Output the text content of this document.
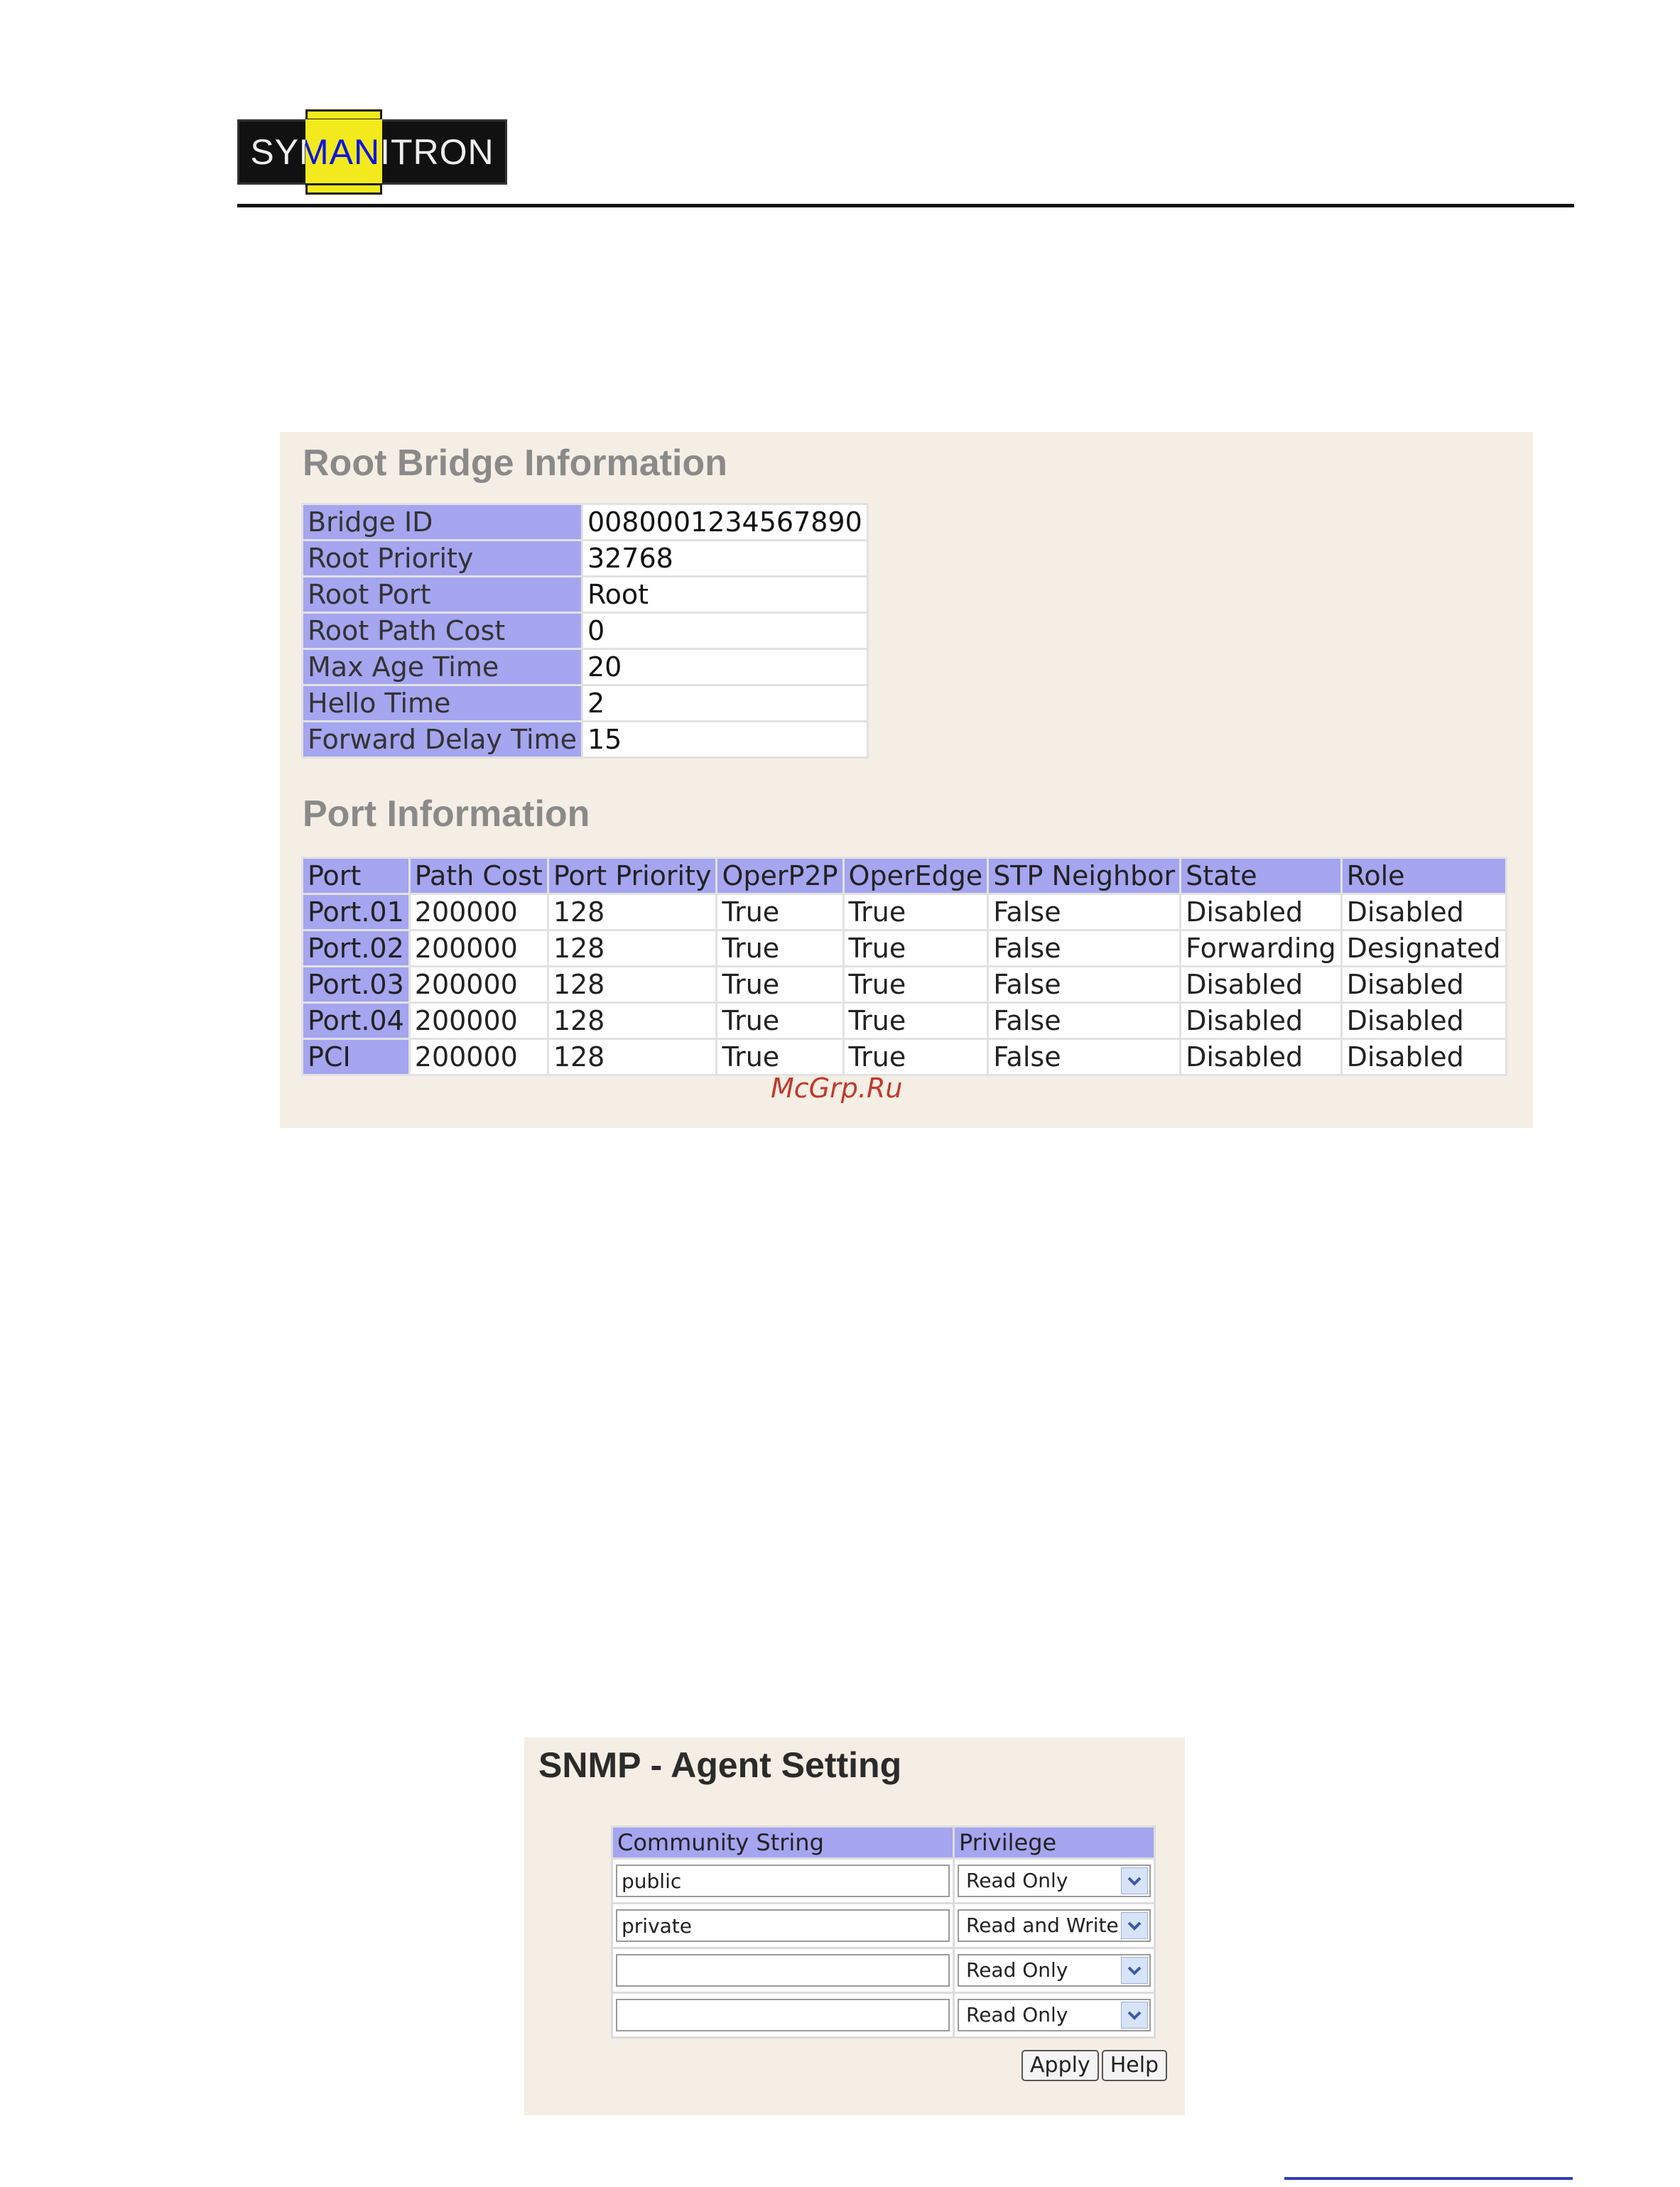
SYMANITRON
Root Bridge Information
Bridge ID	0080001234567890
Root Priority	32768
Root Port	Root
Root Path Cost	0
Max Age Time	20
Hello Time	2
Forward Delay Time	15
Port Information
Port	Path Cost	Port Priority	OperP2P	OperEdge	STP Neighbor	State	Role
Port.01	200000	128	True	True	False	Disabled	Disabled
Port.02	200000	128	True	True	False	Forwarding	Designated
Port.03	200000	128	True	True	False	Disabled	Disabled
Port.04	200000	128	True	True	False	Disabled	Disabled
PCI	200000	128	True	True	False	Disabled	Disabled
McGrp.Ru
SNMP - Agent Setting
Community String	Privilege

public	Read Only

private	Read and Write

	Read Only

	Read Only
Apply Help
